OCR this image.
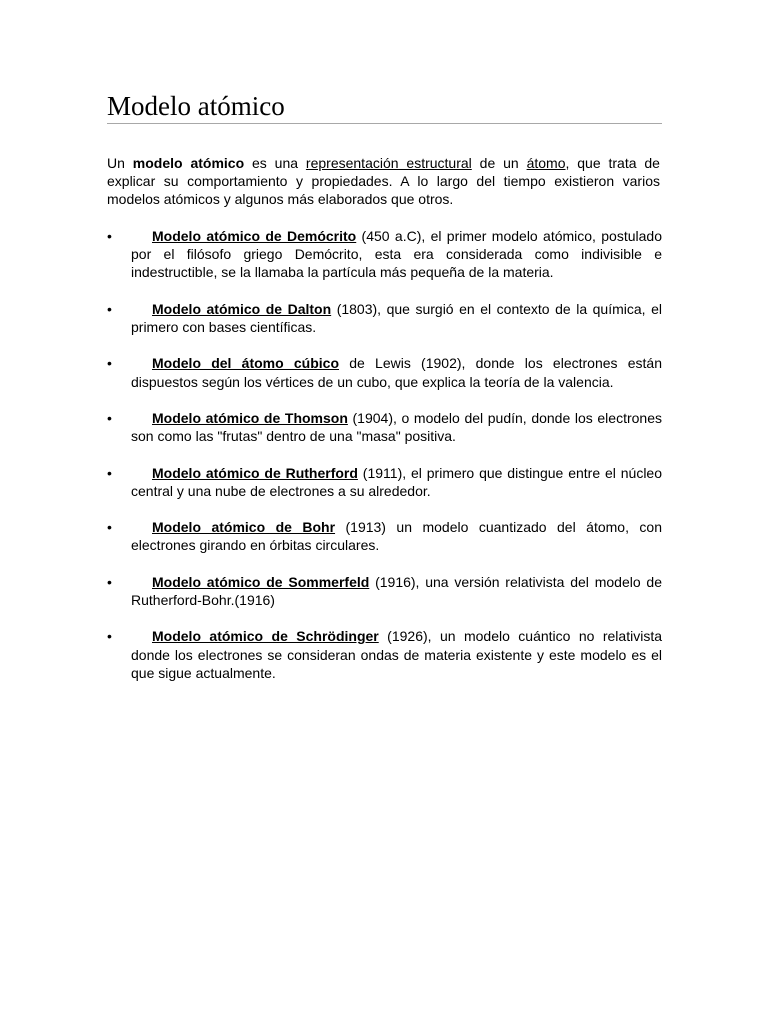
Modelo atómico

Un modelo atómico es una representación estructural de un átomo, que trata de explicar su comportamiento y propiedades. A lo largo del tiempo existieron varios modelos atómicos y algunos más elaborados que otros.

•	Modelo atómico de Demócrito (450 a.C), el primer modelo atómico, postulado por el filósofo griego Demócrito, esta era considerada como indivisible e indestructible, se la llamaba la partícula más pequeña de la materia.
•	Modelo atómico de Dalton (1803), que surgió en el contexto de la química, el primero con bases científicas.
•	Modelo del átomo cúbico de Lewis (1902), donde los electrones están dispuestos según los vértices de un cubo, que explica la teoría de la valencia.
•	Modelo atómico de Thomson (1904), o modelo del pudín, donde los electrones son como las "frutas" dentro de una "masa" positiva.
•	Modelo atómico de Rutherford (1911), el primero que distingue entre el núcleo central y una nube de electrones a su alrededor.
•	Modelo atómico de Bohr (1913) un modelo cuantizado del átomo, con electrones girando en órbitas circulares.
•	Modelo atómico de Sommerfeld (1916), una versión relativista del modelo de Rutherford-Bohr.(1916)
•	Modelo atómico de Schrödinger (1926), un modelo cuántico no relativista donde los electrones se consideran ondas de materia existente y este modelo es el que sigue actualmente.
